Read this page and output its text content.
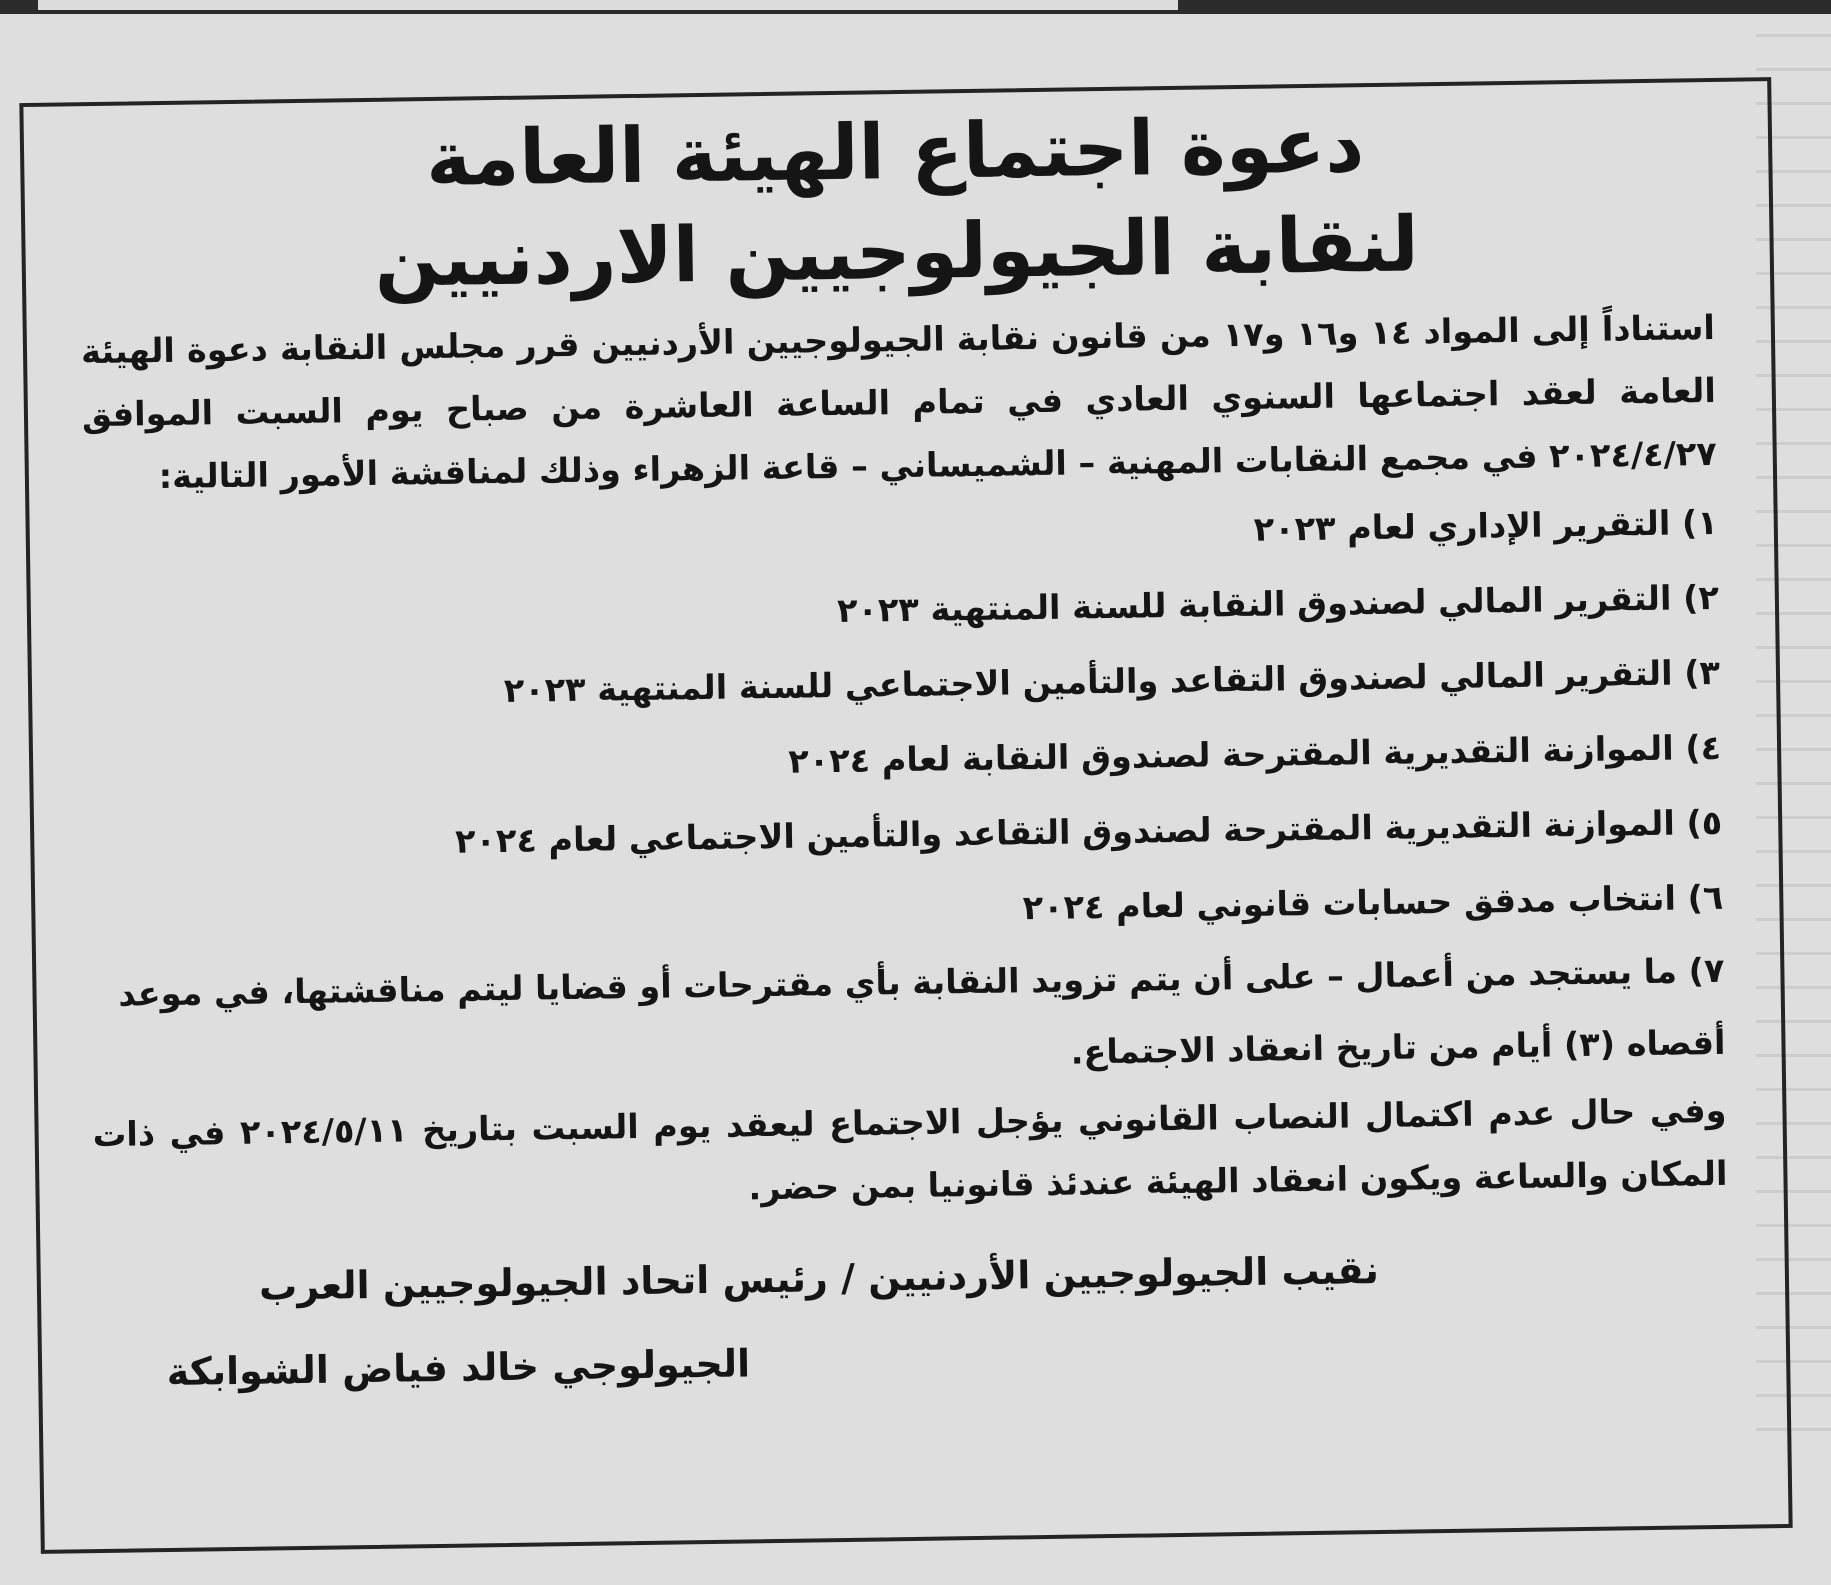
دعوة اجتماع الهيئة العامة
لنقابة الجيولوجيين الاردنيين

استناداً إلى المواد ١٤ و١٦ و١٧ من قانون نقابة الجيولوجيين الأردنيين قرر مجلس النقابة دعوة الهيئة العامة لعقد اجتماعها السنوي العادي في تمام الساعة العاشرة من صباح يوم السبت الموافق ٢٠٢٤/٤/٢٧ في مجمع النقابات المهنية – الشميساني – قاعة الزهراء وذلك لمناقشة الأمور التالية:

١) التقرير الإداري لعام ٢٠٢٣
٢) التقرير المالي لصندوق النقابة للسنة المنتهية ٢٠٢٣
٣) التقرير المالي لصندوق التقاعد والتأمين الاجتماعي للسنة المنتهية ٢٠٢٣
٤) الموازنة التقديرية المقترحة لصندوق النقابة لعام ٢٠٢٤
٥) الموازنة التقديرية المقترحة لصندوق التقاعد والتأمين الاجتماعي لعام ٢٠٢٤
٦) انتخاب مدقق حسابات قانوني لعام ٢٠٢٤
٧) ما يستجد من أعمال – على أن يتم تزويد النقابة بأي مقترحات أو قضايا ليتم مناقشتها، في موعد أقصاه (٣) أيام من تاريخ انعقاد الاجتماع.

وفي حال عدم اكتمال النصاب القانوني يؤجل الاجتماع ليعقد يوم السبت بتاريخ ٢٠٢٤/٥/١١ في ذات المكان والساعة ويكون انعقاد الهيئة عندئذ قانونيا بمن حضر.

نقيب الجيولوجيين الأردنيين / رئيس اتحاد الجيولوجيين العرب
الجيولوجي خالد فياض الشوابكة
